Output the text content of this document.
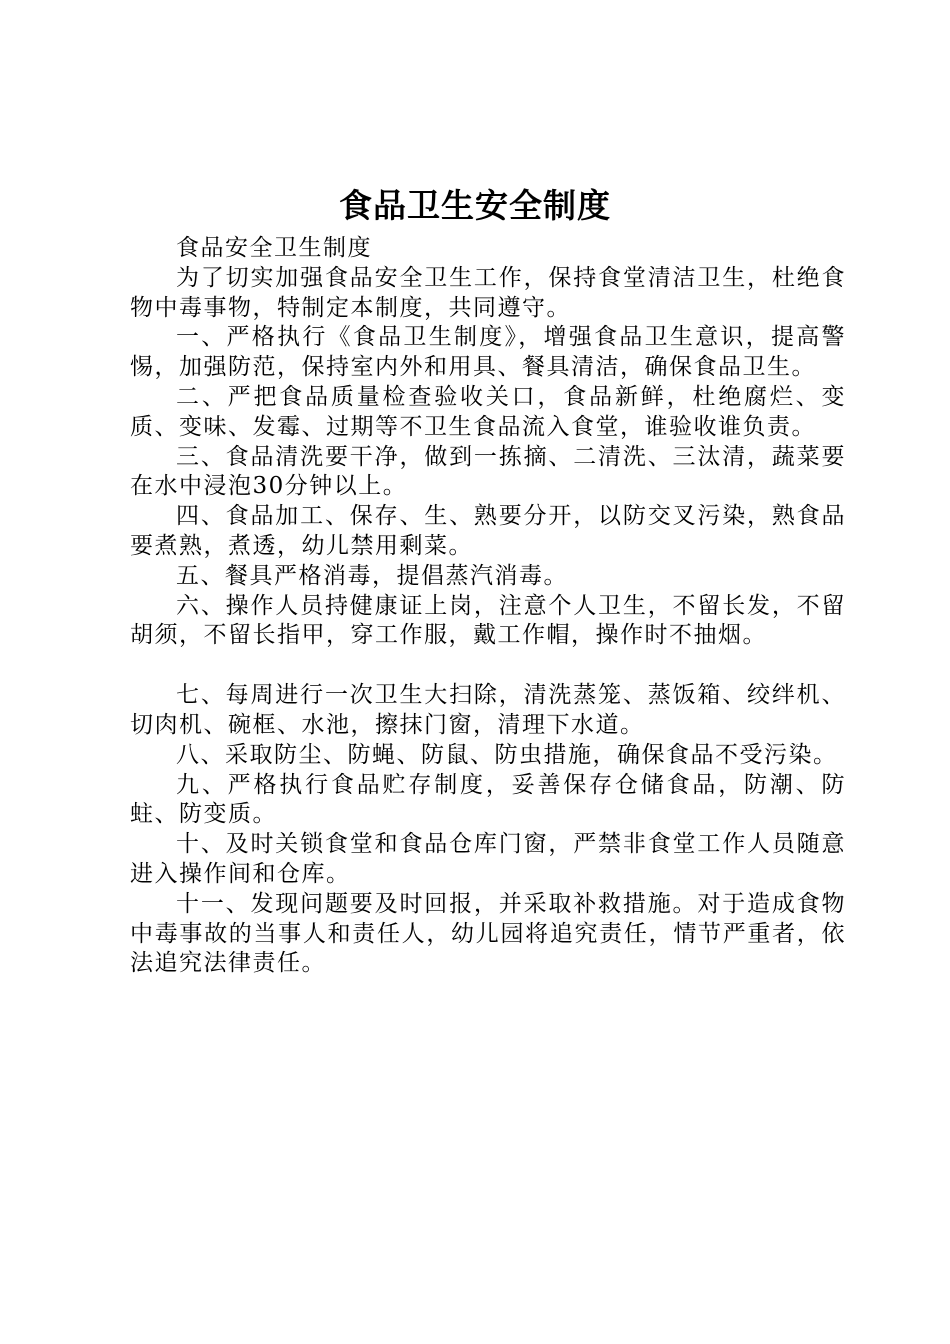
食品卫生安全制度

食品安全卫生制度

为了切实加强食品安全卫生工作，保持食堂清洁卫生，杜绝食物中毒事物，特制定本制度，共同遵守。

一、严格执行《食品卫生制度》，增强食品卫生意识，提高警惕，加强防范，保持室内外和用具、餐具清洁，确保食品卫生。

二、严把食品质量检查验收关口，食品新鲜，杜绝腐烂、变质、变味、发霉、过期等不卫生食品流入食堂，谁验收谁负责。

三、食品清洗要干净，做到一拣摘、二清洗、三汰清，蔬菜要在水中浸泡30分钟以上。

四、食品加工、保存、生、熟要分开，以防交叉污染，熟食品要煮熟，煮透，幼儿禁用剩菜。

五、餐具严格消毒，提倡蒸汽消毒。

六、操作人员持健康证上岗，注意个人卫生，不留长发，不留胡须，不留长指甲，穿工作服，戴工作帽，操作时不抽烟。

七、每周进行一次卫生大扫除，清洗蒸笼、蒸饭箱、绞绊机、切肉机、碗框、水池，擦抹门窗，清理下水道。

八、采取防尘、防蝇、防鼠、防虫措施，确保食品不受污染。

九、严格执行食品贮存制度，妥善保存仓储食品，防潮、防蛀、防变质。

十、及时关锁食堂和食品仓库门窗，严禁非食堂工作人员随意进入操作间和仓库。

十一、发现问题要及时回报，并采取补救措施。对于造成食物中毒事故的当事人和责任人，幼儿园将追究责任，情节严重者，依法追究法律责任。
